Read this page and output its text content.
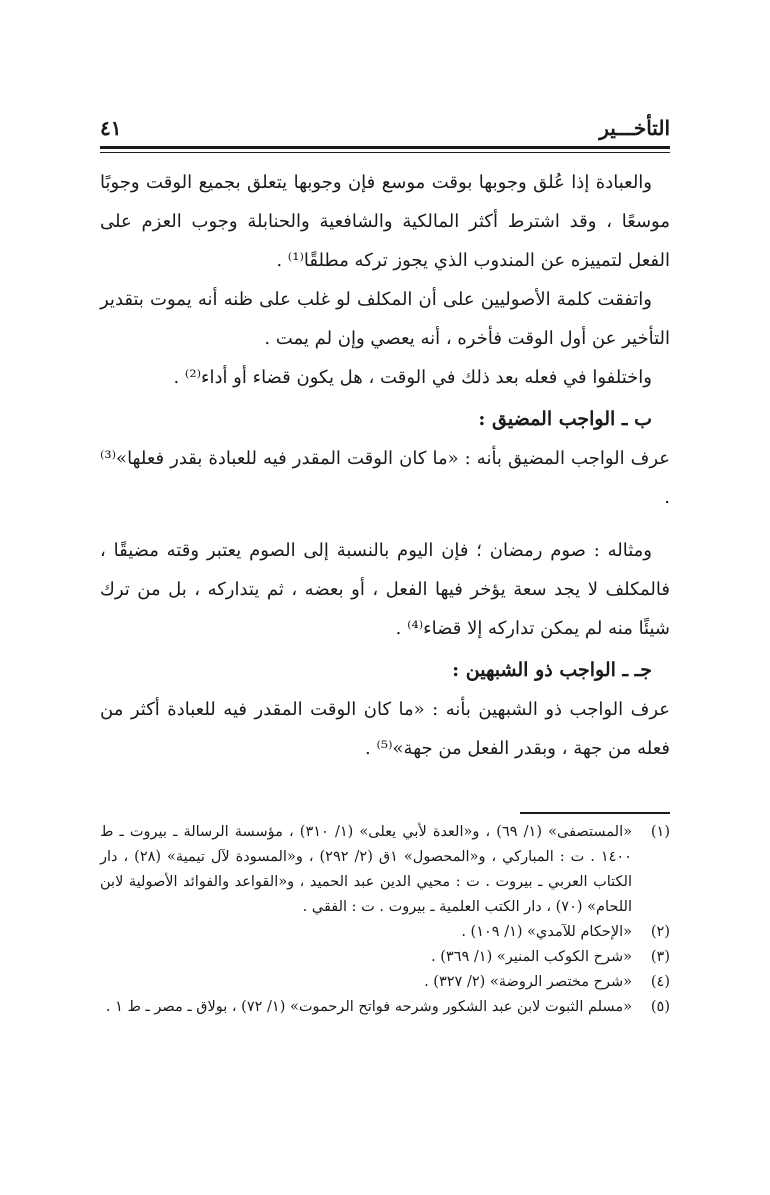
التأخـــير
٤١

والعبادة إذا عُلق وجوبها بوقت موسع فإن وجوبها يتعلق بجميع الوقت وجوبًا موسعًا ، وقد اشترط أكثر المالكية والشافعية والحنابلة وجوب العزم على الفعل لتمييزه عن المندوب الذي يجوز تركه مطلقًا⁽¹⁾ .

واتفقت كلمة الأصوليين على أن المكلف لو غلب على ظنه أنه يموت بتقدير التأخير عن أول الوقت فأخره ، أنه يعصي وإن لم يمت .

واختلفوا في فعله بعد ذلك في الوقت ، هل يكون قضاء أو أداء⁽²⁾ .

ب ـ الواجب المضيق :

عرف الواجب المضيق بأنه : «ما كان الوقت المقدر فيه للعبادة بقدر فعلها»⁽³⁾ .

ومثاله : صوم رمضان ؛ فإن اليوم بالنسبة إلى الصوم يعتبر وقته مضيقًا ، فالمكلف لا يجد سعة يؤخر فيها الفعل ، أو بعضه ، ثم يتداركه ، بل من ترك شيئًا منه لم يمكن تداركه إلا قضاء⁽⁴⁾ .

جـ ـ الواجب ذو الشبهين :

عرف الواجب ذو الشبهين بأنه : «ما كان الوقت المقدر فيه للعبادة أكثر من فعله من جهة ، وبقدر الفعل من جهة»⁽⁵⁾ .

(١)
«المستصفى» (١/ ٦٩) ، و«العدة لأبي يعلى» (١/ ٣١٠) ، مؤسسة الرسالة ـ بيروت ـ ط ١٤٠٠ . ت : المباركي ، و«المحصول» ١ق (٢/ ٢٩٢) ، و«المسودة لآل تيمية» (٢٨) ، دار الكتاب العربي ـ بيروت . ت : محيي الدين عبد الحميد ، و«القواعد والفوائد الأصولية لابن اللحام» (٧٠) ، دار الكتب العلمية ـ بيروت . ت : الفقي .
(٢)
«الإحكام للآمدي» (١/ ١٠٩) .
(٣)
«شرح الكوكب المنير» (١/ ٣٦٩) .
(٤)
«شرح مختصر الروضة» (٢/ ٣٢٧) .
(٥)
«مسلم الثبوت لابن عبد الشكور وشرحه فواتح الرحموت» (١/ ٧٢) ، بولاق ـ مصر ـ ط ١ .
